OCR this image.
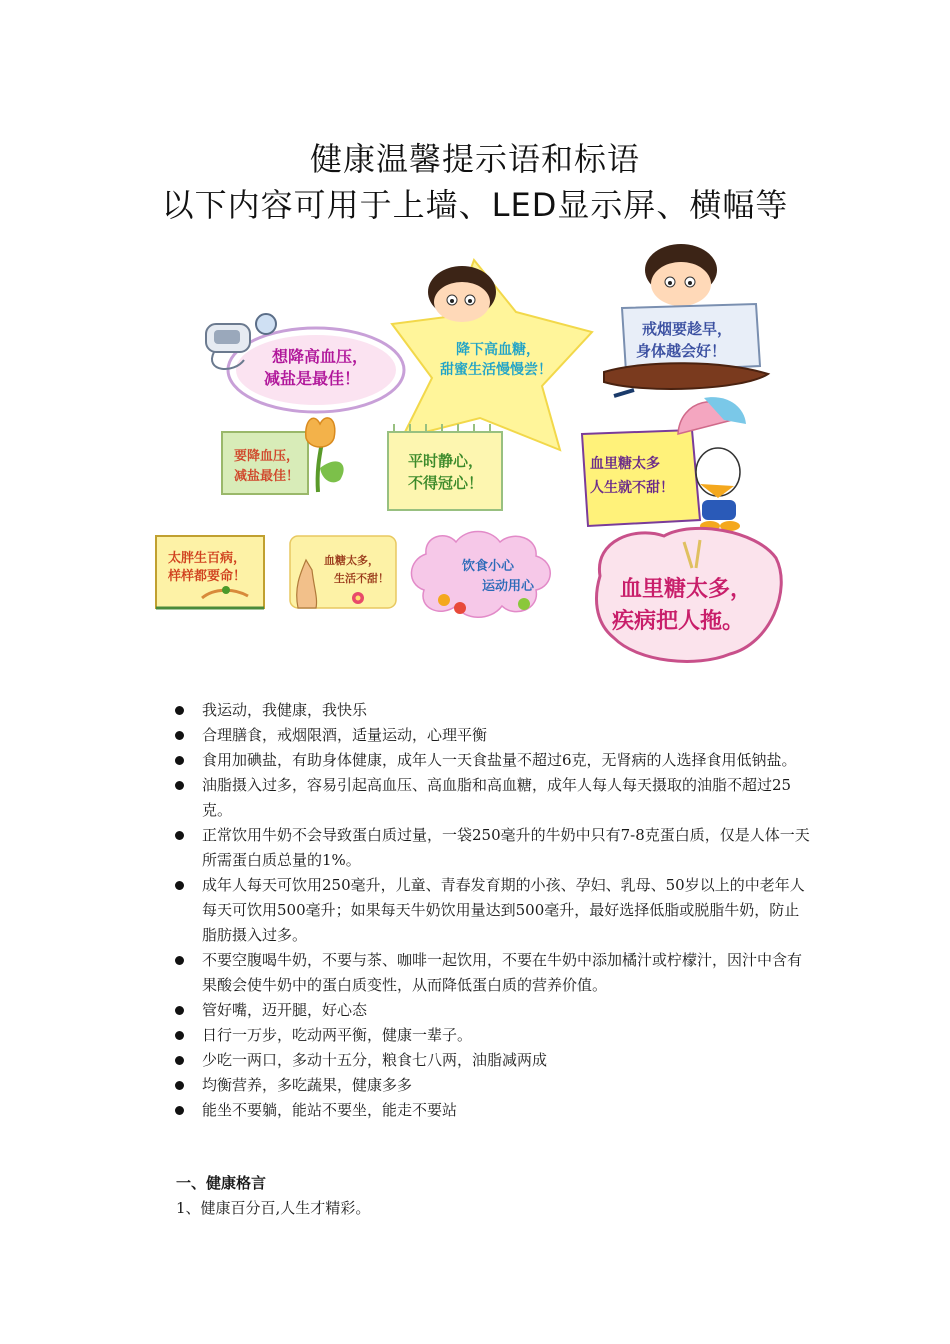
健康温馨提示语和标语
以下内容可用于上墙、LED显示屏、横幅等
想降高血压，
减盐是最佳！
降下高血糖，
甜蜜生活慢慢尝！
戒烟要趁早，
身体越会好！
要降血压，
减盐最佳！
平时静心，
不得冠心！
血里糖太多
人生就不甜！
太胖生百病，
样样都要命！
血糖太多，
生活不甜！
饮食小心
运动用心	血里糖太多，
疾病把人拖。
我运动，我健康，我快乐
合理膳食，戒烟限酒，适量运动，心理平衡
食用加碘盐，有助身体健康，成年人一天食盐量不超过6克，无肾病的人选择食用低钠盐。
油脂摄入过多，容易引起高血压、高血脂和高血糖，成年人每人每天摄取的油脂不超过25克。
正常饮用牛奶不会导致蛋白质过量，一袋250毫升的牛奶中只有7-8克蛋白质，仅是人体一天所需蛋白质总量的1%。
成年人每天可饮用250毫升，儿童、青春发育期的小孩、孕妇、乳母、50岁以上的中老年人每天可饮用500毫升；如果每天牛奶饮用量达到500毫升，最好选择低脂或脱脂牛奶，防止脂肪摄入过多。
不要空腹喝牛奶，不要与茶、咖啡一起饮用，不要在牛奶中添加橘汁或柠檬汁，因汁中含有果酸会使牛奶中的蛋白质变性，从而降低蛋白质的营养价值。
管好嘴，迈开腿，好心态
日行一万步，吃动两平衡，健康一辈子。
少吃一两口，多动十五分，粮食七八两，油脂减两成
均衡营养，多吃蔬果，健康多多
能坐不要躺，能站不要坐，能走不要站
一、健康格言
1、健康百分百,人生才精彩。
